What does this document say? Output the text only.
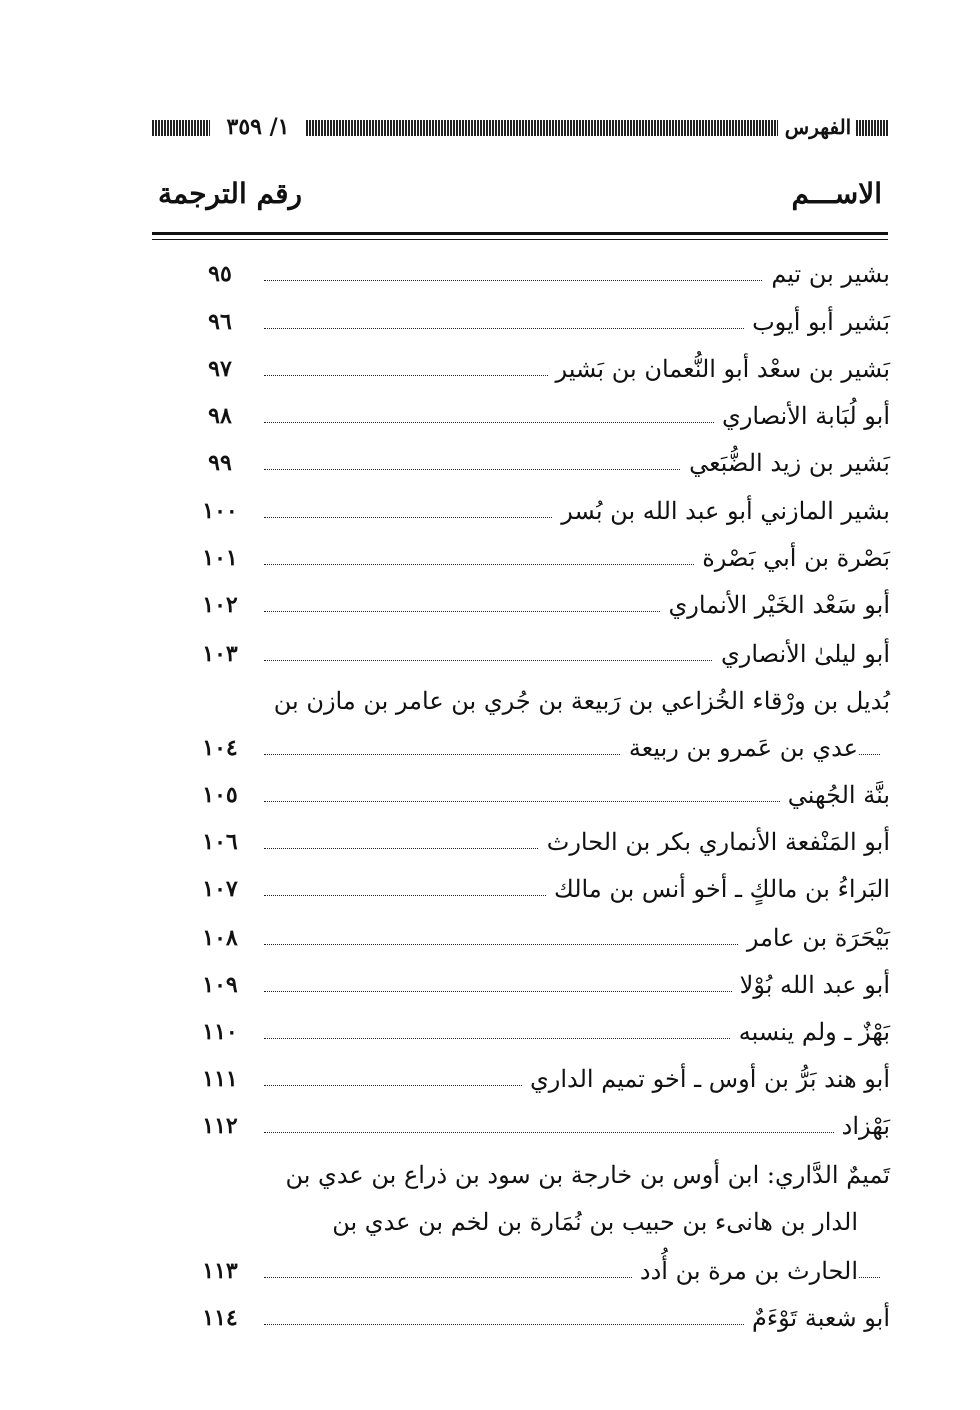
١/ ٣٥٩	الفهرس
الاســـم
رقم الترجمة
٩٥	بشير بن تيم
٩٦	بَشير أبو أيوب
٩٧	بَشير بن سعْد أبو النُّعمان بن بَشير
٩٨	أبو لُبَابة الأنصاري
٩٩	بَشير بن زيد الضُّبَعي
١٠٠	بشير المازني أبو عبد الله بن بُسر
١٠١	بَصْرة بن أبي بَصْرة
١٠٢	أبو سَعْد الخَيْر الأنماري
١٠٣	أبو ليلىٰ الأنصاري
بُديل بن ورْقاء الخُزاعي بن رَبيعة بن جُري بن عامر بن مازن بن
١٠٤	عدي بن عَمرو بن ربيعة
١٠٥	بنَّة الجُهني
١٠٦	أبو المَنْفعة الأنماري بكر بن الحارث
١٠٧	البَراءُ بن مالكٍ ـ أخو أنس بن مالك
١٠٨	بَيْحَرَة بن عامر
١٠٩	أبو عبد الله بُوْلا
١١٠	بَهْزٌ ـ ولم ينسبه
١١١	أبو هند بَرُّ بن أوس ـ أخو تميم الداري
١١٢	بَهْزاد
تَميمٌ الدَّاري: ابن أوس بن خارجة بن سود بن ذراع بن عدي بن
الدار بن هانىء بن حبيب بن نُمَارة بن لخم بن عدي بن
١١٣	الحارث بن مرة بن أُدد
١١٤	أبو شعبة تَوْءَمٌ
